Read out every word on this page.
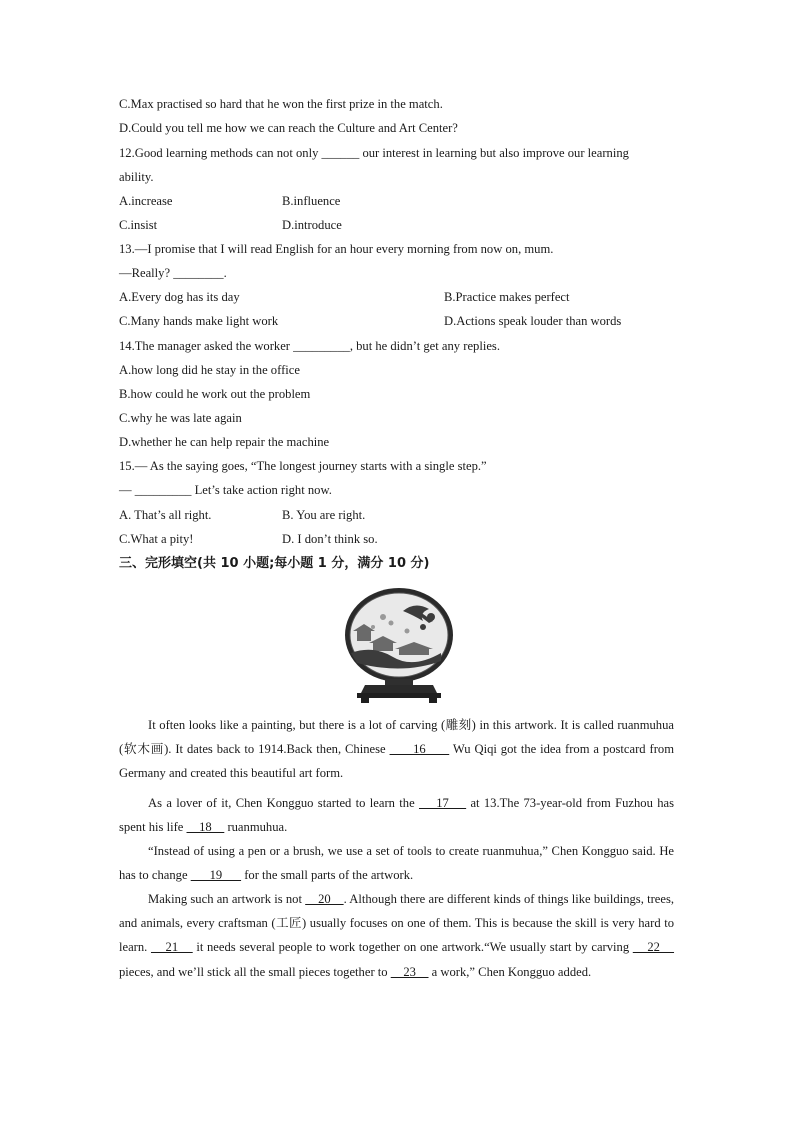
C.Max practised so hard that he won the first prize in the match.
D.Could you tell me how we can reach the Culture and Art Center?
12.Good learning methods can not only ______ our interest in learning but also improve our learning
ability.
A.increase	B.influence
C.insist	D.introduce
13.—I promise that I will read English for an hour every morning from now on, mum.
—Really? ________.
A.Every dog has its day	B.Practice makes perfect
C.Many hands make light work	D.Actions speak louder than words
14.The manager asked the worker _________, but he didn’t get any replies.
A.how long did he stay in the office
B.how could he work out the problem
C.why he was late again
D.whether he can help repair the machine
15.— As the saying goes, “The longest journey starts with a single step.”
— _________ Let’s take action right now.
A. That’s all right.	B. You are right.
C.What a pity!	D. I don’t think so.
三、完形填空(共 10 小题;每小题 1 分，满分 10 分)
It often looks like a painting, but there is a lot of carving (雕刻) in this artwork. It is called ruanmuhua (软木画). It dates back to 1914.Back then, Chinese       16       Wu Qiqi got the idea from a postcard from Germany and created this beautiful art form.
As a lover of it, Chen Kongguo started to learn the     17     at 13.The 73-year-old from Fuzhou has spent his life     18     ruanmuhua.
“Instead of using a pen or a brush, we use a set of tools to create ruanmuhua,” Chen Kongguo said. He has to change       19       for the small parts of the artwork.
Making such an artwork is not     20    . Although there are different kinds of things like buildings, trees, and animals, every craftsman (工匠) usually focuses on one of them. This is because the skill is very hard to learn.     21     it needs several people to work together on one artwork.“We usually start by carving     22     pieces, and we’ll stick all the small pieces together to     23     a work,” Chen Kongguo added.
